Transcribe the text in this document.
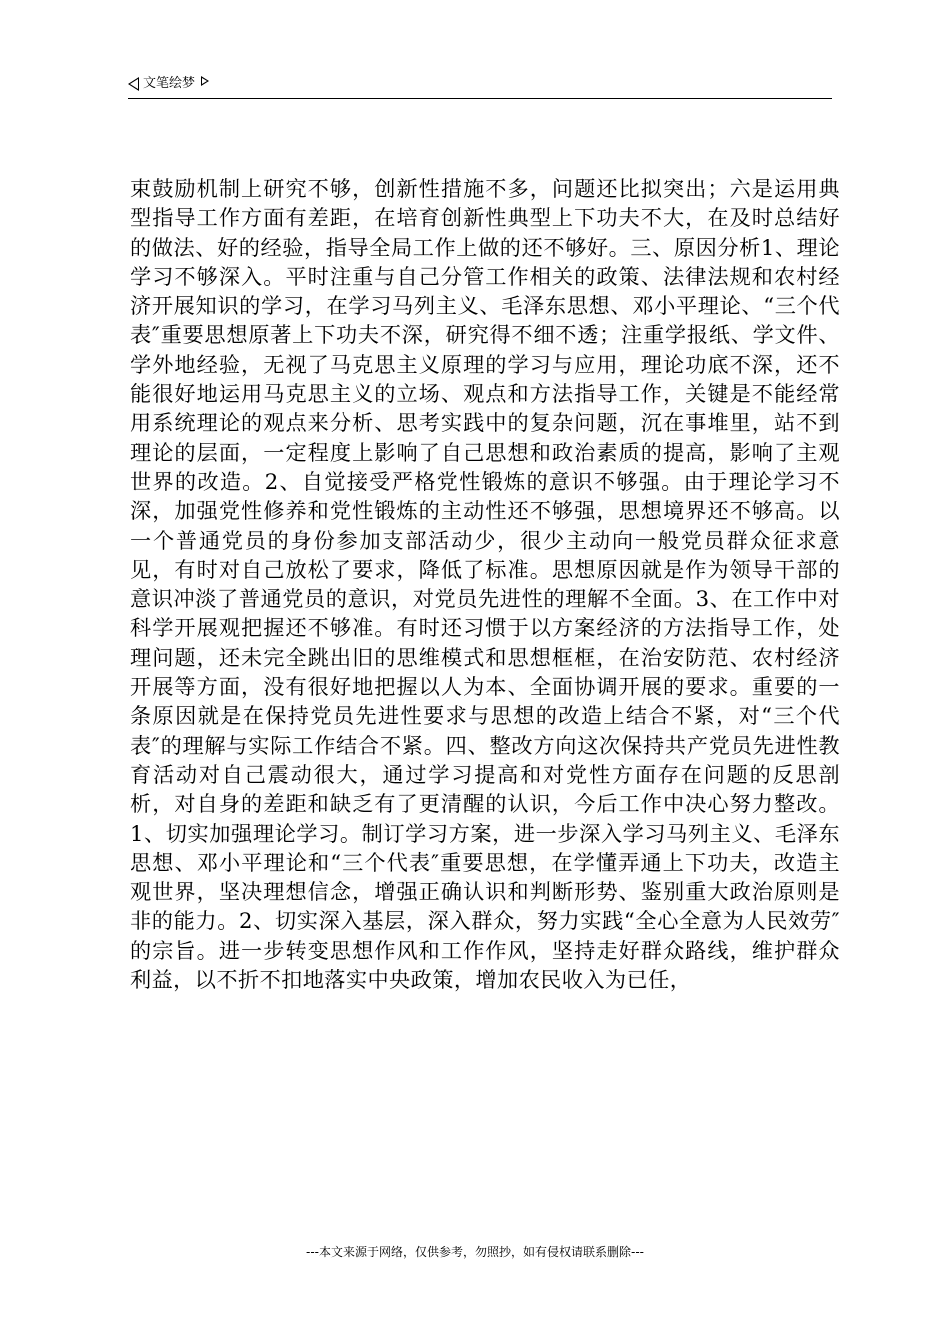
文笔绘梦

束鼓励机制上研究不够，创新性措施不多，问题还比拟突出；六是运用典型指导工作方面有差距，在培育创新性典型上下功夫不大，在及时总结好的做法、好的经验，指导全局工作上做的还不够好。三、原因分析1、理论学习不够深入。平时注重与自己分管工作相关的政策、法律法规和农村经济开展知识的学习，在学习马列主义、毛泽东思想、邓小平理论、“三个代表″重要思想原著上下功夫不深，研究得不细不透；注重学报纸、学文件、学外地经验，无视了马克思主义原理的学习与应用，理论功底不深，还不能很好地运用马克思主义的立场、观点和方法指导工作，关键是不能经常用系统理论的观点来分析、思考实践中的复杂问题，沉在事堆里，站不到理论的层面，一定程度上影响了自己思想和政治素质的提高，影响了主观世界的改造。2、自觉接受严格党性锻炼的意识不够强。由于理论学习不深，加强党性修养和党性锻炼的主动性还不够强，思想境界还不够高。以一个普通党员的身份参加支部活动少，很少主动向一般党员群众征求意见，有时对自己放松了要求，降低了标准。思想原因就是作为领导干部的意识冲淡了普通党员的意识，对党员先进性的理解不全面。3、在工作中对科学开展观把握还不够准。有时还习惯于以方案经济的方法指导工作，处理问题，还未完全跳出旧的思维模式和思想框框，在治安防范、农村经济开展等方面，没有很好地把握以人为本、全面协调开展的要求。重要的一条原因就是在保持党员先进性要求与思想的改造上结合不紧，对“三个代表″的理解与实际工作结合不紧。四、整改方向这次保持共产党员先进性教育活动对自己震动很大，通过学习提高和对党性方面存在问题的反思剖析，对自身的差距和缺乏有了更清醒的认识，今后工作中决心努力整改。1、切实加强理论学习。制订学习方案，进一步深入学习马列主义、毛泽东思想、邓小平理论和“三个代表″重要思想，在学懂弄通上下功夫，改造主观世界，坚决理想信念，增强正确认识和判断形势、鉴别重大政治原则是非的能力。2、切实深入基层，深入群众，努力实践“全心全意为人民效劳″的宗旨。进一步转变思想作风和工作作风，坚持走好群众路线，维护群众利益，以不折不扣地落实中央政策，增加农民收入为已任，

---本文来源于网络，仅供参考，勿照抄，如有侵权请联系删除---
